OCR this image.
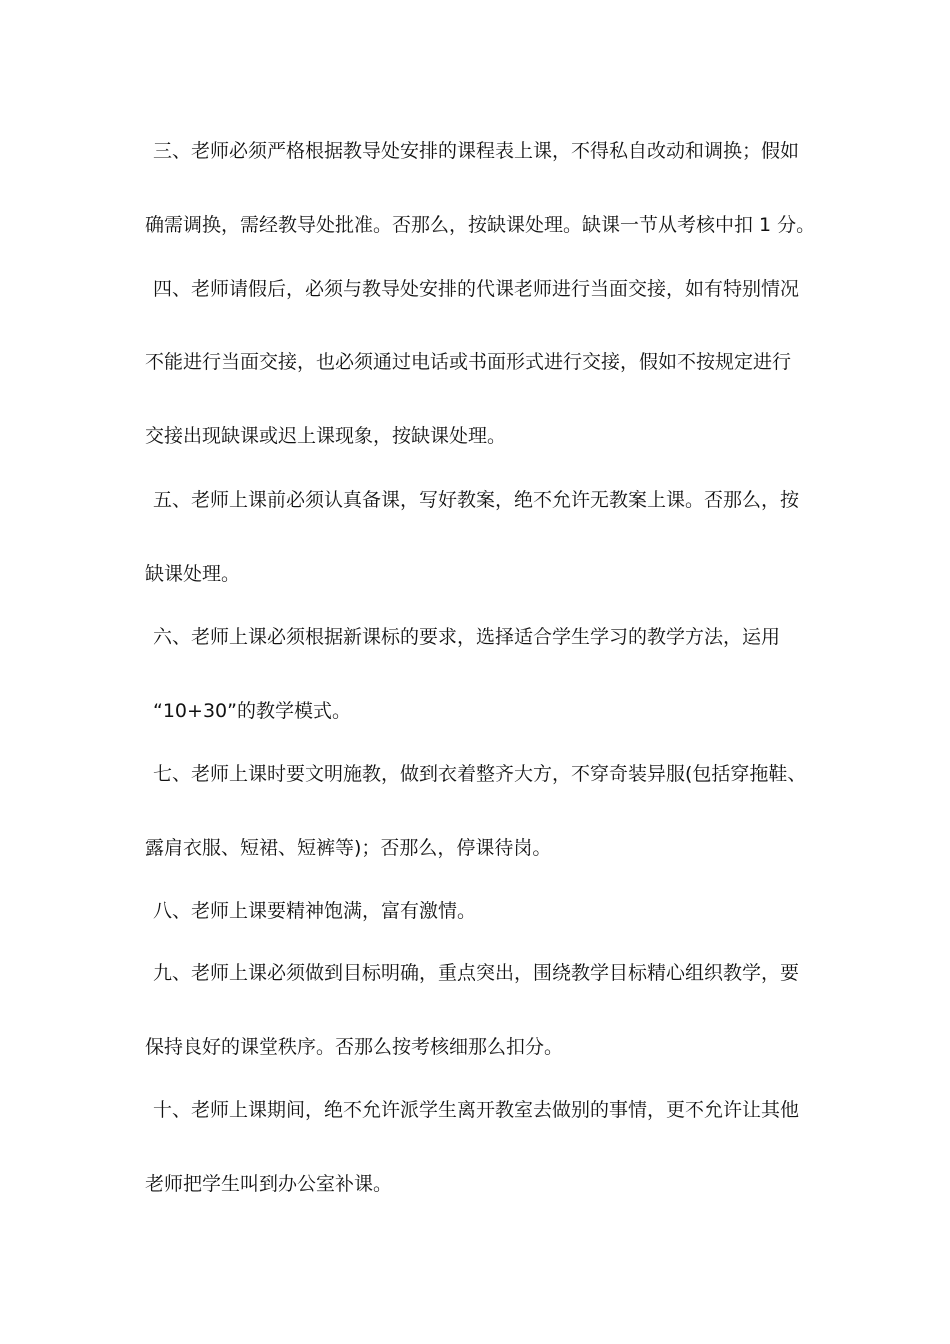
三、老师必须严格根据教导处安排的课程表上课，不得私自改动和调换；假如
确需调换，需经教导处批准。否那么，按缺课处理。缺课一节从考核中扣 1 分。
四、老师请假后，必须与教导处安排的代课老师进行当面交接，如有特别情况
不能进行当面交接，也必须通过电话或书面形式进行交接，假如不按规定进行
交接出现缺课或迟上课现象，按缺课处理。
五、老师上课前必须认真备课，写好教案，绝不允许无教案上课。否那么，按
缺课处理。
六、老师上课必须根据新课标的要求，选择适合学生学习的教学方法，运用
“10+30”的教学模式。
七、老师上课时要文明施教，做到衣着整齐大方，不穿奇装异服(包括穿拖鞋、
露肩衣服、短裙、短裤等)；否那么，停课待岗。
八、老师上课要精神饱满，富有激情。
九、老师上课必须做到目标明确，重点突出，围绕教学目标精心组织教学，要
保持良好的课堂秩序。否那么按考核细那么扣分。
十、老师上课期间，绝不允许派学生离开教室去做别的事情，更不允许让其他
老师把学生叫到办公室补课。
